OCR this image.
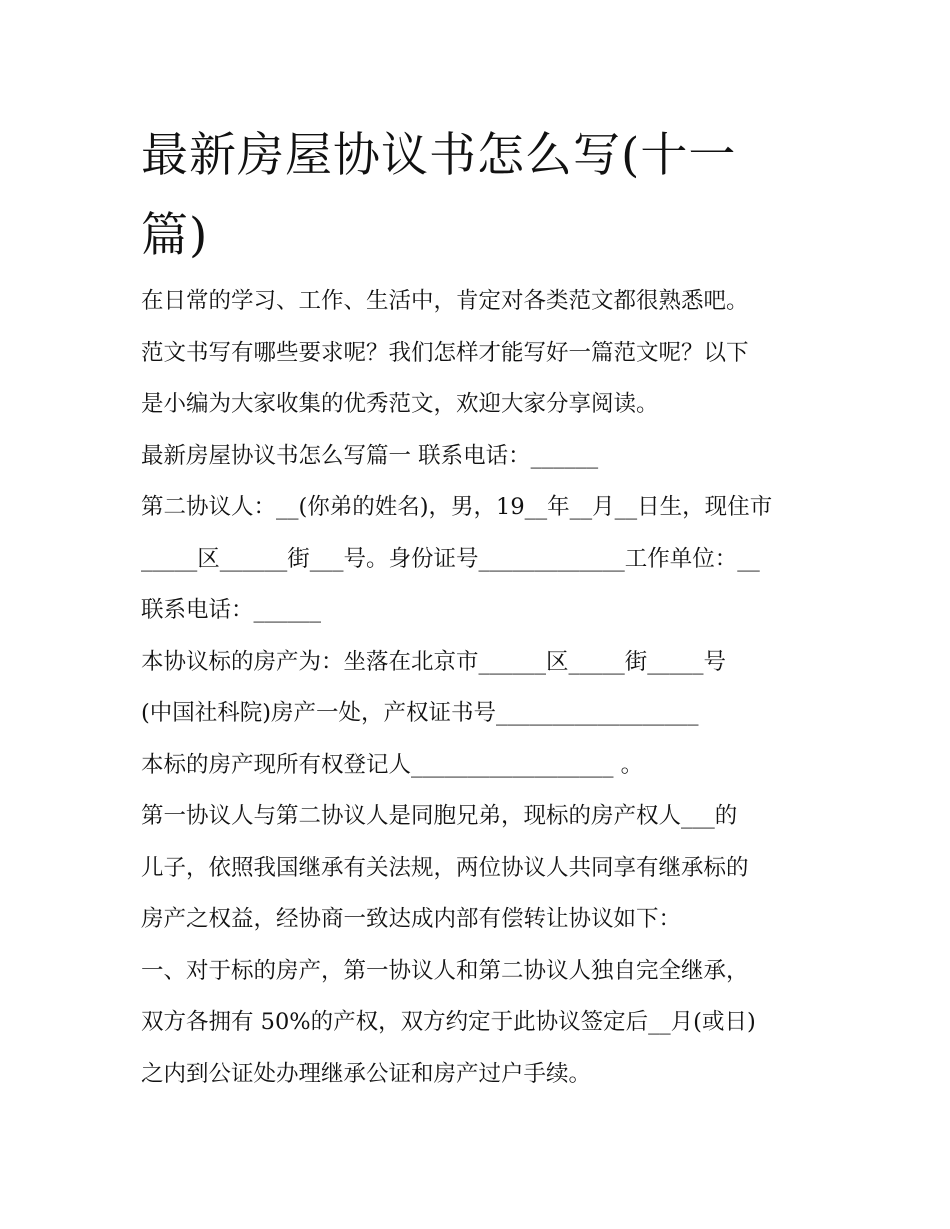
最新房屋协议书怎么写(十一篇)

在日常的学习、工作、生活中，肯定对各类范文都很熟悉吧。

范文书写有哪些要求呢？我们怎样才能写好一篇范文呢？以下

是小编为大家收集的优秀范文，欢迎大家分享阅读。

最新房屋协议书怎么写篇一 联系电话：______

第二协议人：__(你弟的姓名)，男，19__年__月__日生，现住市

_____区______街___号。身份证号_____________工作单位：__

联系电话：______

本协议标的房产为：坐落在北京市______区_____街_____号

(中国社科院)房产一处，产权证书号__________________

本标的房产现所有权登记人__________________ 。

第一协议人与第二协议人是同胞兄弟，现标的房产权人___的

儿子，依照我国继承有关法规，两位协议人共同享有继承标的

房产之权益，经协商一致达成内部有偿转让协议如下：

一、对于标的房产，第一协议人和第二协议人独自完全继承，

双方各拥有 50%的产权，双方约定于此协议签定后__月(或日)

之内到公证处办理继承公证和房产过户手续。
